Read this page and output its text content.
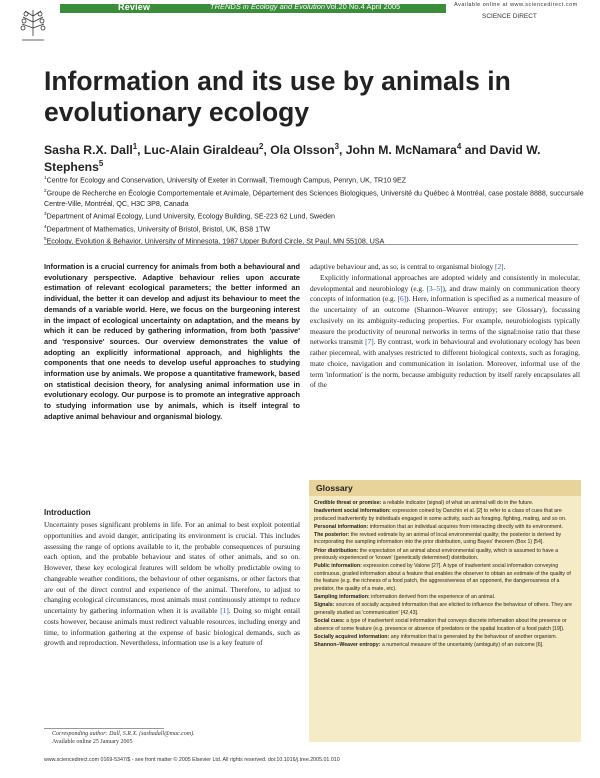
Review	TRENDS in Ecology and Evolution Vol.20 No.4 April 2005	Available online at www.sciencedirect.com
SCIENCE DIRECT
Information and its use by animals in evolutionary ecology
Sasha R.X. Dall$^1$, Luc-Alain Giraldeau$^2$, Ola Olsson$^3$, John M. McNamara$^4$ and David W. Stephens$^5$
$^1$Centre for Ecology and Conservation, University of Exeter in Cornwall, Tremough Campus, Penryn, UK, TR10 9EZ
$^2$Groupe de Recherche en Écologie Comportementale et Animale, Département des Sciences Biologiques, Université du Québec à Montréal, case postale 8888, succursale Centre-Ville, Montréal, QC, H3C 3P8, Canada
$^3$Department of Animal Ecology, Lund University, Ecology Building, SE-223 62 Lund, Sweden
$^4$Department of Mathematics, University of Bristol, Bristol, UK, BS8 1TW
$^5$Ecology, Evolution & Behavior, University of Minnesota, 1987 Upper Buford Circle, St Paul, MN 55108, USA
Information is a crucial currency for animals from both a behavioural and evolutionary perspective. Adaptive behaviour relies upon accurate estimation of relevant ecological parameters; the better informed an individual, the better it can develop and adjust its behaviour to meet the demands of a variable world. Here, we focus on the burgeoning interest in the impact of ecological uncertainty on adaptation, and the means by which it can be reduced by gathering information, from both 'passive' and 'responsive' sources. Our overview demonstrates the value of adopting an explicitly informational approach, and highlights the components that one needs to develop useful approaches to studying information use by animals. We propose a quantitative framework, based on statistical decision theory, for analysing animal information use in evolutionary ecology. Our purpose is to promote an integrative approach to studying information use by animals, which is itself integral to adaptive animal behaviour and organismal biology.
Introduction
Uncertainty poses significant problems in life. For an animal to best exploit potential opportunities and avoid danger, anticipating its environment is crucial. This includes assessing the range of options available to it, the probable consequences of pursuing each option, and the probable behaviour and states of other animals, and so on. However, these key ecological features will seldom be wholly predictable owing to changeable weather conditions, the behaviour of other organisms, or other factors that are out of the direct control and experience of the animal. Therefore, to adjust to changing ecological circumstances, most animals must continuously attempt to reduce uncertainty by gathering information when it is available [1]. Doing so might entail costs however, because animals must redirect valuable resources, including energy and time, to information gathering at the expense of basic biological demands, such as growth and reproduction. Nevertheless, information use is a key feature of
Corresponding author: Dall, S.R.X. (sashadall@mac.com).
Available online 25 January 2005
www.sciencedirect.com 0169-5347/$ - see front matter © 2005 Elsevier Ltd. All rights reserved. doi:10.1016/j.tree.2005.01.010

adaptive behaviour and, as so, is central to organismal biology [2].

Explicitly informational approaches are adopted widely and consistently in molecular, developmental and neurobiology (e.g. [3–5]), and draw mainly on communication theory concepts of information (e.g. [6]). Here, information is specified as a numerical measure of the uncertainty of an outcome (Shannon–Weaver entropy; see Glossary), focussing exclusively on its ambiguity-reducing properties. For example, neurobiologists typically measure the productivity of neuronal networks in terms of the signal:noise ratio that these networks transmit [7]. By contrast, work in behavioural and evolutionary ecology has been rather piecemeal, with analyses restricted to different biological contexts, such as foraging, mate choice, navigation and communication in isolation. Moreover, informal use of the term 'information' is the norm, because ambiguity reduction by itself rarely encapsulates all of the

Glossary

Credible threat or promise: a reliable indicator (signal) of what an animal will do in the future.

Inadvertent social information: expression coined by Danchin et al. [2] to refer to a class of cues that are produced inadvertently by individuals engaged in some activity, such as foraging, fighting, mating, and so on.

Personal information: information that an individual acquires from interacting directly with its environment.

The posterior: the revised estimate by an animal of local environmental quality; the posterior is derived by incorporating the sampling information into the prior distribution, using Bayes' theorem (Box 1) [54].

Prior distribution: the expectation of an animal about environmental quality, which is assumed to have a previously experienced or 'known' (genetically determined) distribution.

Public information: expression coined by Valone [27]. A type of inadvertent social information conveying continuous, graded information about a feature that enables the observer to obtain an estimate of the quality of the feature (e.g. the richness of a food patch, the aggressiveness of an opponent, the dangerousness of a predator, the quality of a mate, etc).

Sampling information: information derived from the experience of an animal.

Signals: sources of socially acquired information that are elicited to influence the behaviour of others. They are generally studied as 'communication' [42,43].

Social cues: a type of inadvertent social information that conveys discrete information about the presence or absence of some feature (e.g. presence or absence of predators or the spatial location of a food patch [19]).

Socially acquired information: any information that is generated by the behaviour of another organism.

Shannon–Weaver entropy: a numerical measure of the uncertainty (ambiguity) of an outcome [6].
